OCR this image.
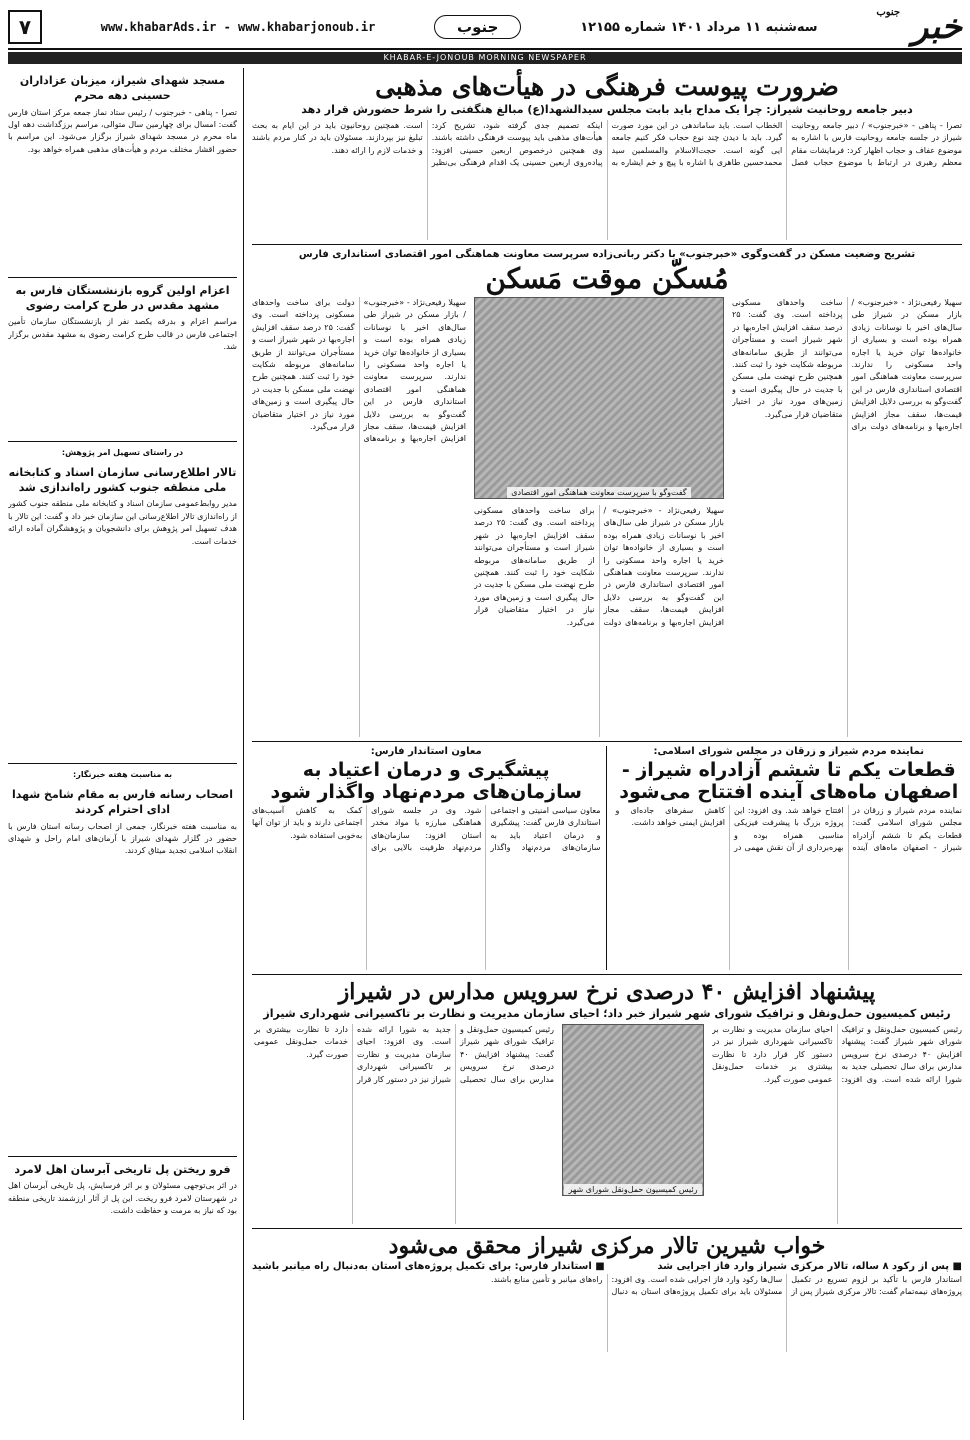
خبر $^{جنوب}$
سه‌شنبه ۱۱ مرداد ۱۴۰۱ شماره ۱۲۱۵۵
جنوب
www.khabarAds.ir - www.khabarjonoub.ir
۷
KHABAR-E-JONOUB MORNING NEWSPAPER
ضرورت پیوست فرهنگی در هیأت‌های مذهبی
دبیر جامعه روحانیت شیراز: چرا یک مداح باید بابت مجلس سیدالشهدا(ع) مبالغ هنگفتی را شرط حضورش قرار دهد
تصرا - پناهی - «خبرجنوب» / دبیر جامعه روحانیت شیراز در جلسه جامعه روحانیت فارس با اشاره به موضوع عفاف و حجاب اظهار کرد: فرمایشات مقام معظم رهبری در ارتباط با موضوع حجاب فصل الخطاب است. باید ساماندهی در این مورد صورت گیرد. باید با دیدن چند نوع حجاب فکر کنیم جامعه ایی گونه است. حجت‌الاسلام والمسلمین سید محمدحسین طاهری با اشاره با پیچ و خم ایشاره به اینکه تصمیم جدی گرفته شود، تشریح کرد: هیأت‌های مذهبی باید پیوست فرهنگی داشته باشند. وی همچنین درخصوص اربعین حسینی افزود: پیاده‌روی اربعین حسینی یک اقدام فرهنگی بی‌نظیر است. همچنین روحانیون باید در این ایام به بحث تبلیغ نیز بپردازند. مسئولان باید در کنار مردم باشند و خدمات لازم را ارائه دهند.
تشریح وضعیت مسکن در گفت‌وگوی «خبرجنوب» با دکتر ربانی‌زاده سرپرست معاونت هماهنگی امور اقتصادی استانداری فارس
مُسکّن موقت مَسکن
سهیلا رفیعی‌نژاد - «خبرجنوب» / بازار مسکن در شیراز طی سال‌های اخیر با نوسانات زیادی همراه بوده است و بسیاری از خانواده‌ها توان خرید یا اجاره واحد مسکونی را ندارند. سرپرست معاونت هماهنگی امور اقتصادی استانداری فارس در این گفت‌وگو به بررسی دلایل افزایش قیمت‌ها، سقف مجاز افزایش اجاره‌بها و برنامه‌های دولت برای ساخت واحدهای مسکونی پرداخته است. وی گفت: ۲۵ درصد سقف افزایش اجاره‌بها در شهر شیراز است و مستأجران می‌توانند از طریق سامانه‌های مربوطه شکایت خود را ثبت کنند. همچنین طرح نهضت ملی مسکن با جدیت در حال پیگیری است و زمین‌های مورد نیاز در اختیار متقاضیان قرار می‌گیرد.
گفت‌وگو با سرپرست معاونت هماهنگی امور اقتصادی
سهیلا رفیعی‌نژاد - «خبرجنوب» / بازار مسکن در شیراز طی سال‌های اخیر با نوسانات زیادی همراه بوده است و بسیاری از خانواده‌ها توان خرید یا اجاره واحد مسکونی را ندارند. سرپرست معاونت هماهنگی امور اقتصادی استانداری فارس در این گفت‌وگو به بررسی دلایل افزایش قیمت‌ها، سقف مجاز افزایش اجاره‌بها و برنامه‌های دولت برای ساخت واحدهای مسکونی پرداخته است. وی گفت: ۲۵ درصد سقف افزایش اجاره‌بها در شهر شیراز است و مستأجران می‌توانند از طریق سامانه‌های مربوطه شکایت خود را ثبت کنند. همچنین طرح نهضت ملی مسکن با جدیت در حال پیگیری است و زمین‌های مورد نیاز در اختیار متقاضیان قرار می‌گیرد.
سهیلا رفیعی‌نژاد - «خبرجنوب» / بازار مسکن در شیراز طی سال‌های اخیر با نوسانات زیادی همراه بوده است و بسیاری از خانواده‌ها توان خرید یا اجاره واحد مسکونی را ندارند. سرپرست معاونت هماهنگی امور اقتصادی استانداری فارس در این گفت‌وگو به بررسی دلایل افزایش قیمت‌ها، سقف مجاز افزایش اجاره‌بها و برنامه‌های دولت برای ساخت واحدهای مسکونی پرداخته است. وی گفت: ۲۵ درصد سقف افزایش اجاره‌بها در شهر شیراز است و مستأجران می‌توانند از طریق سامانه‌های مربوطه شکایت خود را ثبت کنند. همچنین طرح نهضت ملی مسکن با جدیت در حال پیگیری است و زمین‌های مورد نیاز در اختیار متقاضیان قرار می‌گیرد.
نماینده مردم شیراز و زرقان در مجلس شورای اسلامی:
قطعات یکم تا ششم آزادراه شیراز - اصفهان ماه‌های آینده افتتاح می‌شود
نماینده مردم شیراز و زرقان در مجلس شورای اسلامی گفت: قطعات یکم تا ششم آزادراه شیراز - اصفهان ماه‌های آینده افتتاح خواهد شد. وی افزود: این پروژه بزرگ با پیشرفت فیزیکی مناسبی همراه بوده و بهره‌برداری از آن نقش مهمی در کاهش سفرهای جاده‌ای و افزایش ایمنی خواهد داشت.
معاون استاندار فارس:
پیشگیری و درمان اعتیاد به سازمان‌های مردم‌نهاد واگذار شود
معاون سیاسی امنیتی و اجتماعی استانداری فارس گفت: پیشگیری و درمان اعتیاد باید به سازمان‌های مردم‌نهاد واگذار شود. وی در جلسه شورای هماهنگی مبارزه با مواد مخدر استان افزود: سازمان‌های مردم‌نهاد ظرفیت بالایی برای کمک به کاهش آسیب‌های اجتماعی دارند و باید از توان آنها به‌خوبی استفاده شود.
پیشنهاد افزایش ۴۰ درصدی نرخ سرویس مدارس در شیراز
رئیس کمیسیون حمل‌ونقل و ترافیک شورای شهر شیراز خبر داد؛ احیای سازمان مدیریت و نظارت بر تاکسیرانی شهرداری شیراز
رئیس کمیسیون حمل‌ونقل و ترافیک شورای شهر شیراز گفت: پیشنهاد افزایش ۴۰ درصدی نرخ سرویس مدارس برای سال تحصیلی جدید به شورا ارائه شده است. وی افزود: احیای سازمان مدیریت و نظارت بر تاکسیرانی شهرداری شیراز نیز در دستور کار قرار دارد تا نظارت بیشتری بر خدمات حمل‌ونقل عمومی صورت گیرد.
رئیس کمیسیون حمل‌ونقل شورای شهر
رئیس کمیسیون حمل‌ونقل و ترافیک شورای شهر شیراز گفت: پیشنهاد افزایش ۴۰ درصدی نرخ سرویس مدارس برای سال تحصیلی جدید به شورا ارائه شده است. وی افزود: احیای سازمان مدیریت و نظارت بر تاکسیرانی شهرداری شیراز نیز در دستور کار قرار دارد تا نظارت بیشتری بر خدمات حمل‌ونقل عمومی صورت گیرد.
خواب شیرین تالار مرکزی شیراز محقق می‌شود
■ پس از رکود ۸ ساله، تالار مرکزی شیراز وارد فاز اجرایی شد
■ استاندار فارس: برای تکمیل پروژه‌های استان به‌دنبال راه میانبر باشید
استاندار فارس با تأکید بر لزوم تسریع در تکمیل پروژه‌های نیمه‌تمام گفت: تالار مرکزی شیراز پس از سال‌ها رکود وارد فاز اجرایی شده است. وی افزود: مسئولان باید برای تکمیل پروژه‌های استان به دنبال راه‌های میانبر و تأمین منابع باشند.
مسجد شهدای شیراز، میزبان عزاداران حسینی دهه محرم
تصرا - پناهی - خبرجنوب / رئیس ستاد نماز جمعه مرکز استان فارس گفت: امسال برای چهارمین سال متوالی، مراسم برزگداشت دهه اول ماه محرم در مسجد شهدای شیراز برگزار می‌شود. این مراسم با حضور اقشار مختلف مردم و هیأت‌های مذهبی همراه خواهد بود.
اعزام اولین گروه بازنشستگان فارس به مشهد مقدس در طرح کرامت رضوی
مراسم اعزام و بدرقه یکصد نفر از بازنشستگان سازمان تأمین اجتماعی فارس در قالب طرح کرامت رضوی به مشهد مقدس برگزار شد.
در راستای تسهیل امر پژوهش:
تالار اطلاع‌رسانی سازمان اسناد و کتابخانه ملی منطقه جنوب کشور راه‌اندازی شد
مدیر روابط‌عمومی سازمان اسناد و کتابخانه ملی منطقه جنوب کشور از راه‌اندازی تالار اطلاع‌رسانی این سازمان خبر داد و گفت: این تالار با هدف تسهیل امر پژوهش برای دانشجویان و پژوهشگران آماده ارائه خدمات است.
به مناسبت هفته خبرنگار:
اصحاب رسانه فارس به مقام شامخ شهدا ادای احترام کردند
به مناسبت هفته خبرنگار، جمعی از اصحاب رسانه استان فارس با حضور در گلزار شهدای شیراز با آرمان‌های امام راحل و شهدای انقلاب اسلامی تجدید میثاق کردند.
فرو ریختن پل تاریخی آبرسان اهل لامرد
در اثر بی‌توجهی مسئولان و بر اثر فرسایش، پل تاریخی آبرسان اهل در شهرستان لامرد فرو ریخت. این پل از آثار ارزشمند تاریخی منطقه بود که نیاز به مرمت و حفاظت داشت.
